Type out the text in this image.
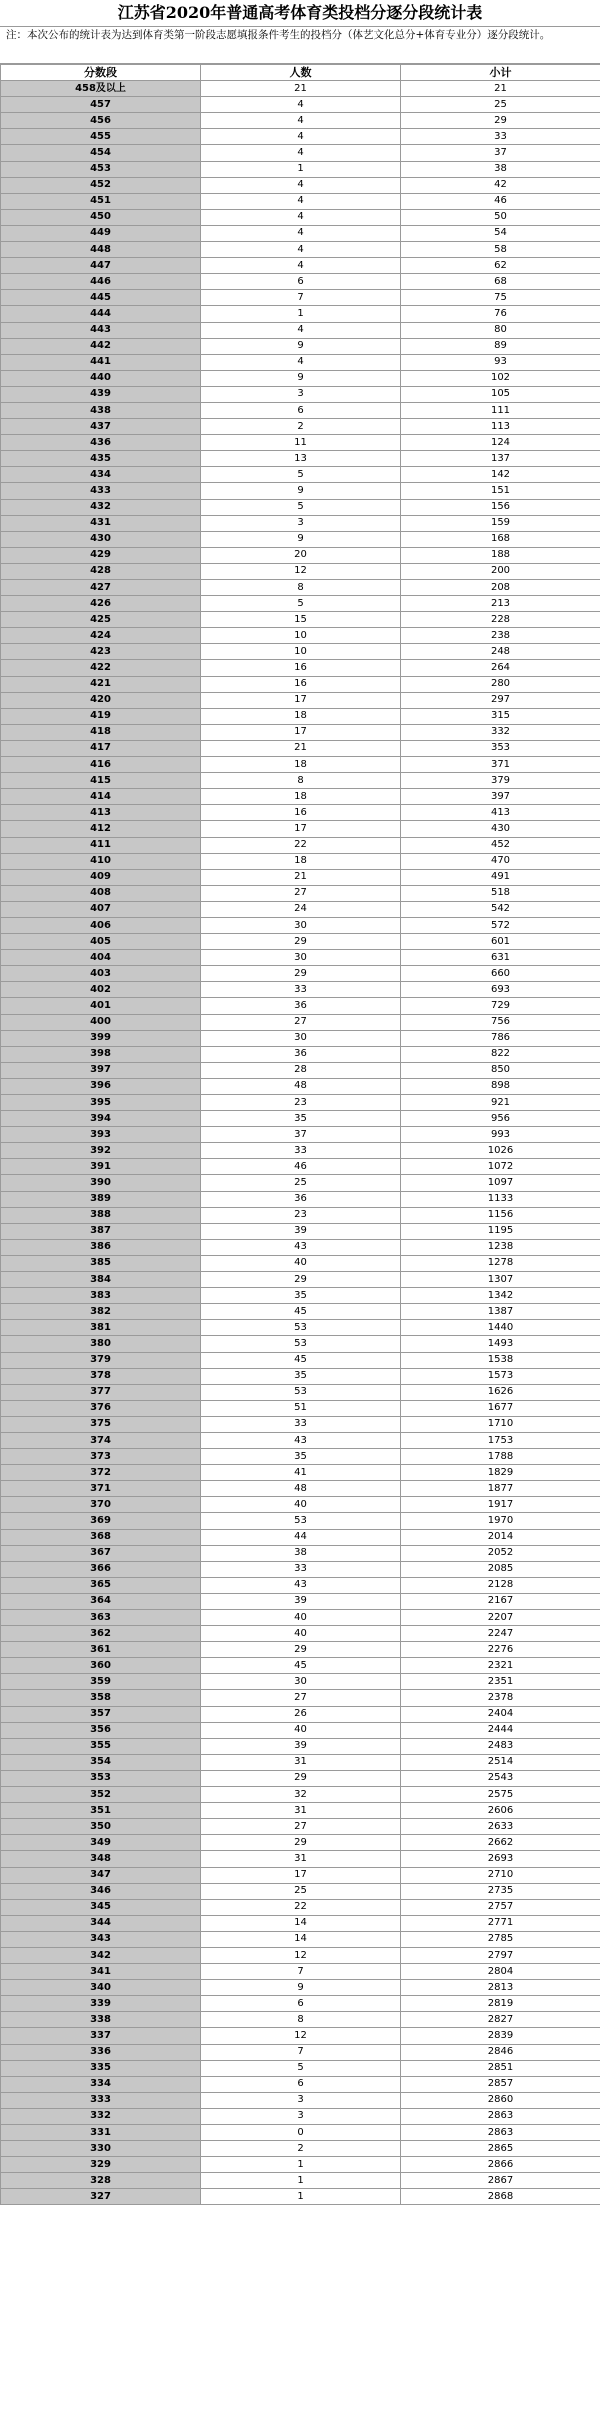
江苏省2020年普通高考体育类投档分逐分段统计表
注：本次公布的统计表为达到体育类第一阶段志愿填报条件考生的投档分（体艺文化总分+体育专业分）逐分段统计。
分数段	人数	小计
458及以上	21	21
457	4	25
456	4	29
455	4	33
454	4	37
453	1	38
452	4	42
451	4	46
450	4	50
449	4	54
448	4	58
447	4	62
446	6	68
445	7	75
444	1	76
443	4	80
442	9	89
441	4	93
440	9	102
439	3	105
438	6	111
437	2	113
436	11	124
435	13	137
434	5	142
433	9	151
432	5	156
431	3	159
430	9	168
429	20	188
428	12	200
427	8	208
426	5	213
425	15	228
424	10	238
423	10	248
422	16	264
421	16	280
420	17	297
419	18	315
418	17	332
417	21	353
416	18	371
415	8	379
414	18	397
413	16	413
412	17	430
411	22	452
410	18	470
409	21	491
408	27	518
407	24	542
406	30	572
405	29	601
404	30	631
403	29	660
402	33	693
401	36	729
400	27	756
399	30	786
398	36	822
397	28	850
396	48	898
395	23	921
394	35	956
393	37	993
392	33	1026
391	46	1072
390	25	1097
389	36	1133
388	23	1156
387	39	1195
386	43	1238
385	40	1278
384	29	1307
383	35	1342
382	45	1387
381	53	1440
380	53	1493
379	45	1538
378	35	1573
377	53	1626
376	51	1677
375	33	1710
374	43	1753
373	35	1788
372	41	1829
371	48	1877
370	40	1917
369	53	1970
368	44	2014
367	38	2052
366	33	2085
365	43	2128
364	39	2167
363	40	2207
362	40	2247
361	29	2276
360	45	2321
359	30	2351
358	27	2378
357	26	2404
356	40	2444
355	39	2483
354	31	2514
353	29	2543
352	32	2575
351	31	2606
350	27	2633
349	29	2662
348	31	2693
347	17	2710
346	25	2735
345	22	2757
344	14	2771
343	14	2785
342	12	2797
341	7	2804
340	9	2813
339	6	2819
338	8	2827
337	12	2839
336	7	2846
335	5	2851
334	6	2857
333	3	2860
332	3	2863
331	0	2863
330	2	2865
329	1	2866
328	1	2867
327	1	2868
